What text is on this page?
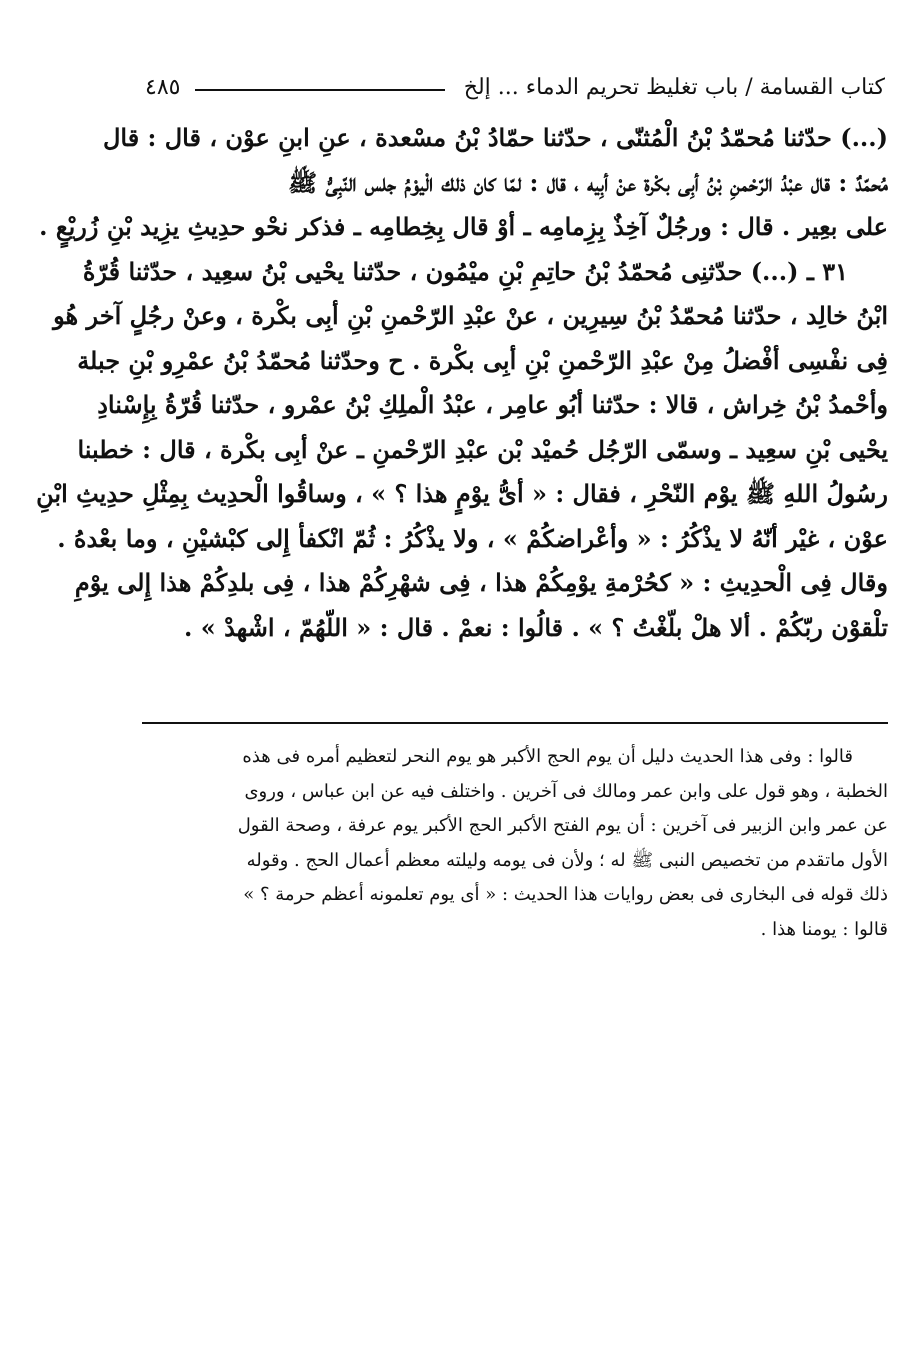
كتاب القسامة / باب تغليظ تحريم الدماء ... إلخ
٤٨٥
(...) حدّثنا مُحمّدُ بْنُ الْمُثنّى ، حدّثنا حمّادُ بْنُ مسْعدة ، عنِ ابنِ عوْن ، قال : قال
مُحمّدٌ : قال عبْدُ الرّحْمنِ بْنُ أبِى بكْرة عنْ أبِيه ، قال : لمّا كان ذلك الْيوْمُ جلس النّبِىُّ ﷺ
على بعِير . قال : ورجُلٌ آخِذٌ بِزِمامِه ـ أوْ قال بِخِطامِه ـ فذكر نحْو حدِيثِ يزِيد بْنِ زُريْعٍ .
٣١ ـ (...) حدّثنِى مُحمّدُ بْنُ حاتِمِ بْنِ ميْمُون ، حدّثنا يحْيى بْنُ سعِيد ، حدّثنا قُرّةُ
ابْنُ خالِد ، حدّثنا مُحمّدُ بْنُ سِيرِين ، عنْ عبْدِ الرّحْمنِ بْنِ أبِى بكْرة ، وعنْ رجُلٍ آخر هُو
فِى نفْسِى أفْضلُ مِنْ عبْدِ الرّحْمنِ بْنِ أبِى بكْرة . ح وحدّثنا مُحمّدُ بْنُ عمْرِو بْنِ جبلة
وأحْمدُ بْنُ خِراش ، قالا : حدّثنا أبُو عامِر ، عبْدُ الْملِكِ بْنُ عمْرو ، حدّثنا قُرّةُ بِإِسْنادِ
يحْيى بْنِ سعِيد ـ وسمّى الرّجُل حُميْد بْن عبْدِ الرّحْمنِ ـ عنْ أبِى بكْرة ، قال : خطبنا
رسُولُ اللهِ ﷺ يوْم النّحْرِ ، فقال : « أىُّ يوْمٍ هذا ؟ » ، وساقُوا الْحدِيث بِمِثْلِ حدِيثِ ابْنِ
عوْن ، غيْر أنّهُ لا يذْكُرُ : « وأعْراضكُمْ » ، ولا يذْكُرُ : ثُمّ انْكفأ إِلى كبْشيْنِ ، وما بعْدهُ .
وقال فِى الْحدِيثِ : « كحُرْمةِ يوْمِكُمْ هذا ، فِى شهْرِكُمْ هذا ، فِى بلدِكُمْ هذا إِلى يوْمِ
تلْقوْن ربّكُمْ . ألا هلْ بلّغْتُ ؟ » . قالُوا : نعمْ . قال : « اللّهُمّ ، اشْهدْ » .
قالوا : وفى هذا الحديث دليل أن يوم الحج الأكبر هو يوم النحر لتعظيم أمره فى هذه
الخطبة ، وهو قول على وابن عمر ومالك فى آخرين . واختلف فيه عن ابن عباس ، وروى
عن عمر وابن الزبير فى آخرين : أن يوم الفتح الأكبر الحج الأكبر يوم عرفة ، وصحة القول
الأول ماتقدم من تخصيص النبى ﷺ له ؛ ولأن فى يومه وليلته معظم أعمال الحج . وقوله
ذلك قوله فى البخارى فى بعض روايات هذا الحديث : « أى يوم تعلمونه أعظم حرمة ؟ »
قالوا : يومنا هذا .
